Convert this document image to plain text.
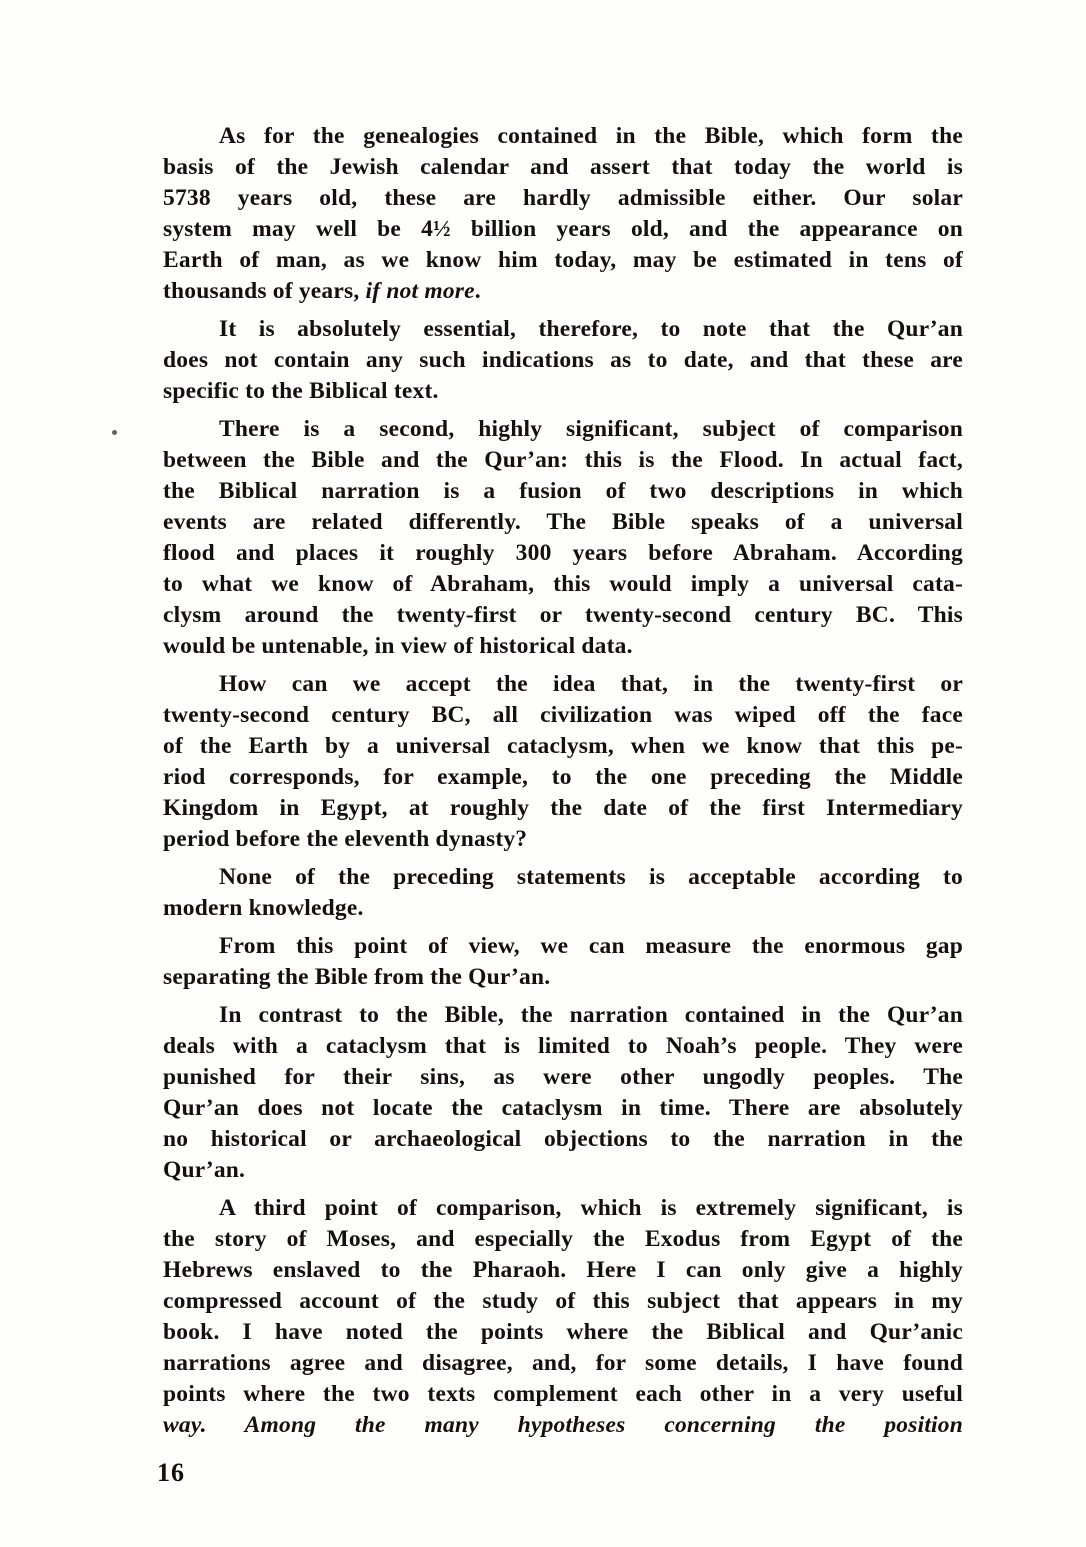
As for the genealogies contained in the Bible, which form the
basis of the Jewish calendar and assert that today the world is
5738 years old, these are hardly admissible either. Our solar
system may well be 4½ billion years old, and the appearance on
Earth of man, as we know him today, may be estimated in tens of
thousands of years, if not more.
It is absolutely essential, therefore, to note that the Qur’an
does not contain any such indications as to date, and that these are
specific to the Biblical text.
There is a second, highly significant, subject of comparison
between the Bible and the Qur’an: this is the Flood. In actual fact,
the Biblical narration is a fusion of two descriptions in which
events are related differently. The Bible speaks of a universal
flood and places it roughly 300 years before Abraham. According
to what we know of Abraham, this would imply a universal cata-
clysm around the twenty-first or twenty-second century BC. This
would be untenable, in view of historical data.
How can we accept the idea that, in the twenty-first or
twenty-second century BC, all civilization was wiped off the face
of the Earth by a universal cataclysm, when we know that this pe-
riod corresponds, for example, to the one preceding the Middle
Kingdom in Egypt, at roughly the date of the first Intermediary
period before the eleventh dynasty?
None of the preceding statements is acceptable according to
modern knowledge.
From this point of view, we can measure the enormous gap
separating the Bible from the Qur’an.
In contrast to the Bible, the narration contained in the Qur’an
deals with a cataclysm that is limited to Noah’s people. They were
punished for their sins, as were other ungodly peoples. The
Qur’an does not locate the cataclysm in time. There are absolutely
no historical or archaeological objections to the narration in the
Qur’an.
A third point of comparison, which is extremely significant, is
the story of Moses, and especially the Exodus from Egypt of the
Hebrews enslaved to the Pharaoh. Here I can only give a highly
compressed account of the study of this subject that appears in my
book. I have noted the points where the Biblical and Qur’anic
narrations agree and disagree, and, for some details, I have found
points where the two texts complement each other in a very useful
way. Among the many hypotheses concerning the position
16
